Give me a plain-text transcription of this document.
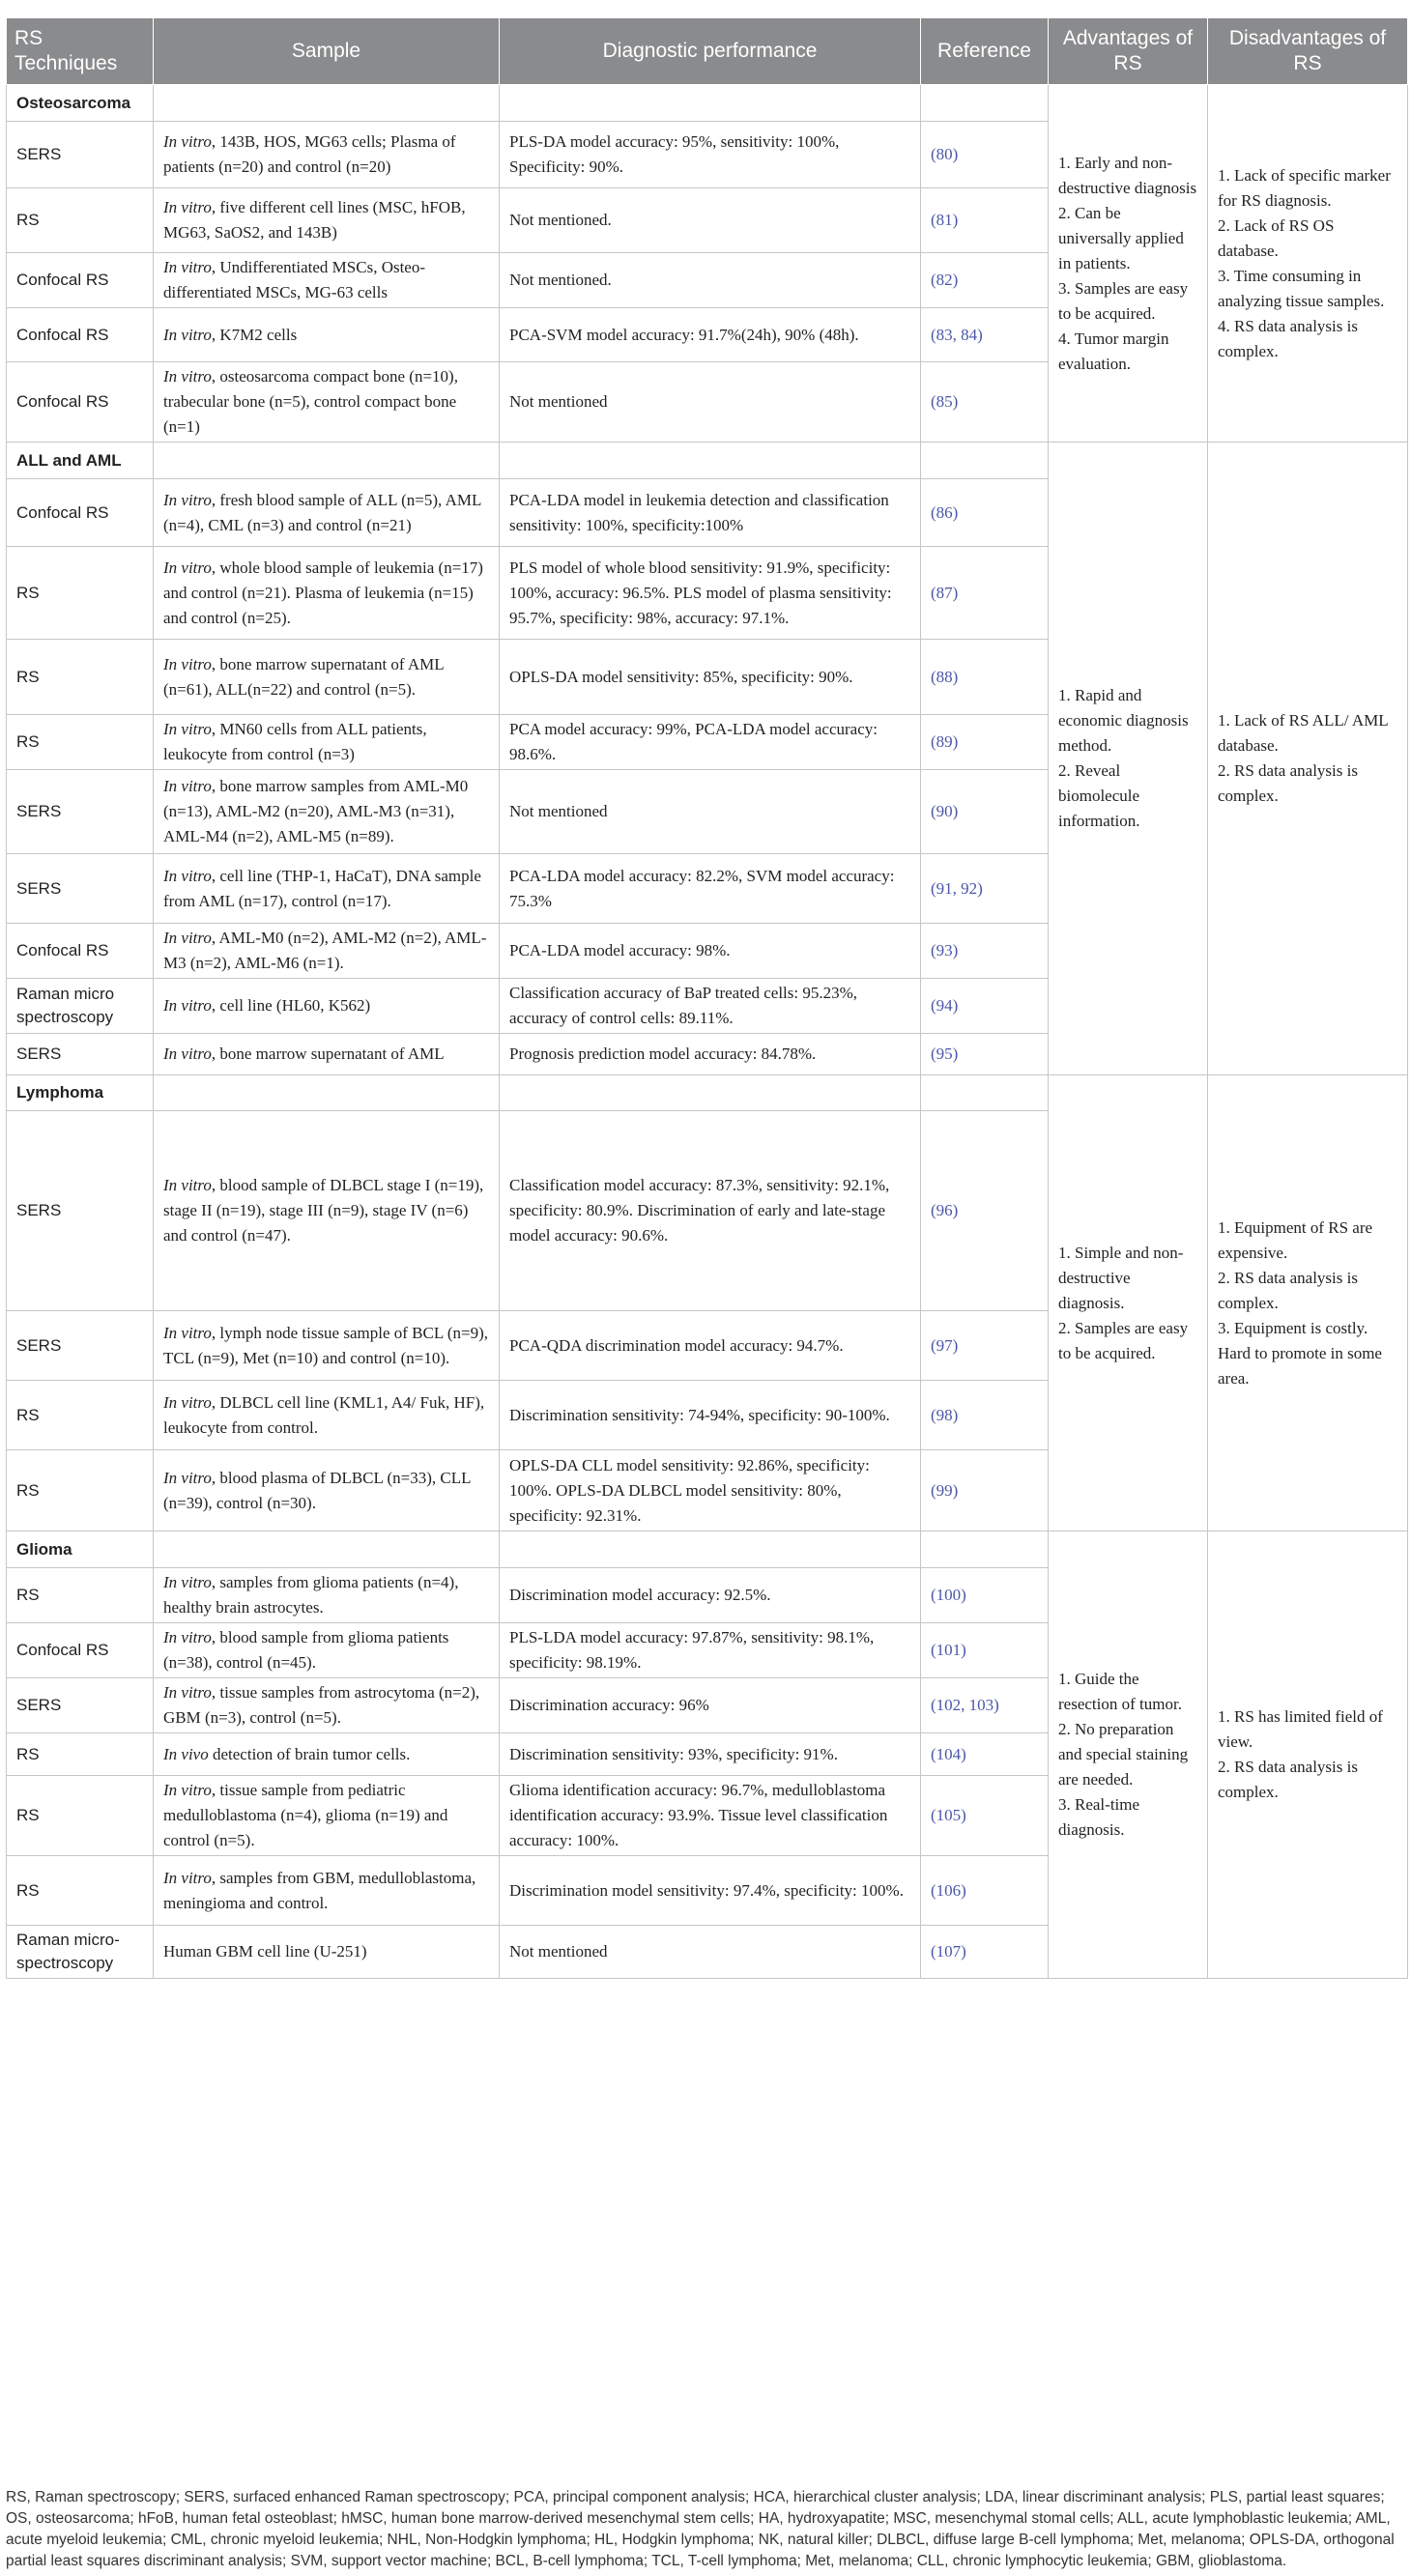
RS Techniques	Sample	Diagnostic performance	Reference	Advantages of RS	Disadvantages of RS
Osteosarcoma				1. Early and non-destructive diagnosis
2. Can be universally applied in patients.
3. Samples are easy to be acquired.
4. Tumor margin evaluation.	1. Lack of specific marker for RS diagnosis.
2. Lack of RS OS database.
3. Time consuming in analyzing tissue samples.
4. RS data analysis is complex.
SERS	In vitro, 143B, HOS, MG63 cells; Plasma of patients (n=20) and control (n=20)	PLS-DA model accuracy: 95%, sensitivity: 100%, Specificity: 90%.	(80)		
RS	In vitro, five different cell lines (MSC, hFOB, MG63, SaOS2, and 143B)	Not mentioned.	(81)		
Confocal RS	In vitro, Undifferentiated MSCs, Osteo-differentiated MSCs, MG-63 cells	Not mentioned.	(82)		
Confocal RS	In vitro, K7M2 cells	PCA-SVM model accuracy: 91.7%(24h), 90% (48h).	(83, 84)		
Confocal RS	In vitro, osteosarcoma compact bone (n=10), trabecular bone (n=5), control compact bone (n=1)	Not mentioned	(85)		
ALL and AML				1. Rapid and economic diagnosis method.
2. Reveal biomolecule information.	1. Lack of RS ALL/ AML database.
2. RS data analysis is complex.
Confocal RS	In vitro, fresh blood sample of ALL (n=5), AML (n=4), CML (n=3) and control (n=21)	PCA-LDA model in leukemia detection and classification sensitivity: 100%, specificity:100%	(86)		
RS	In vitro, whole blood sample of leukemia (n=17) and control (n=21). Plasma of leukemia (n=15) and control (n=25).	PLS model of whole blood sensitivity: 91.9%, specificity: 100%, accuracy: 96.5%. PLS model of plasma sensitivity: 95.7%, specificity: 98%, accuracy: 97.1%.	(87)		
RS	In vitro, bone marrow supernatant of AML (n=61), ALL(n=22) and control (n=5).	OPLS-DA model sensitivity: 85%, specificity: 90%.	(88)		
RS	In vitro, MN60 cells from ALL patients, leukocyte from control (n=3)	PCA model accuracy: 99%, PCA-LDA model accuracy: 98.6%.	(89)		
SERS	In vitro, bone marrow samples from AML-M0 (n=13), AML-M2 (n=20), AML-M3 (n=31), AML-M4 (n=2), AML-M5 (n=89).	Not mentioned	(90)		
SERS	In vitro, cell line (THP-1, HaCaT), DNA sample from AML (n=17), control (n=17).	PCA-LDA model accuracy: 82.2%, SVM model accuracy: 75.3%	(91, 92)		
Confocal RS	In vitro, AML-M0 (n=2), AML-M2 (n=2), AML-M3 (n=2), AML-M6 (n=1).	PCA-LDA model accuracy: 98%.	(93)		
Raman micro spectroscopy	In vitro, cell line (HL60, K562)	Classification accuracy of BaP treated cells: 95.23%, accuracy of control cells: 89.11%.	(94)		
SERS	In vitro, bone marrow supernatant of AML	Prognosis prediction model accuracy: 84.78%.	(95)		
Lymphoma				1. Simple and non-destructive diagnosis.
2. Samples are easy to be acquired.	1. Equipment of RS are expensive.
2. RS data analysis is complex.
3. Equipment is costly. Hard to promote in some area.
SERS	In vitro, blood sample of DLBCL stage I (n=19), stage II (n=19), stage III (n=9), stage IV (n=6) and control (n=47).	Classification model accuracy: 87.3%, sensitivity: 92.1%, specificity: 80.9%. Discrimination of early and late-stage model accuracy: 90.6%.	(96)		
SERS	In vitro, lymph node tissue sample of BCL (n=9), TCL (n=9), Met (n=10) and control (n=10).	PCA-QDA discrimination model accuracy: 94.7%.	(97)		
RS	In vitro, DLBCL cell line (KML1, A4/ Fuk, HF), leukocyte from control.	Discrimination sensitivity: 74-94%, specificity: 90-100%.	(98)		
RS	In vitro, blood plasma of DLBCL (n=33), CLL (n=39), control (n=30).	OPLS-DA CLL model sensitivity: 92.86%, specificity: 100%. OPLS-DA DLBCL model sensitivity: 80%, specificity: 92.31%.	(99)		
Glioma				1. Guide the resection of tumor.
2. No preparation and special staining are needed.
3. Real-time diagnosis.	1. RS has limited field of view.
2. RS data analysis is complex.
RS	In vitro, samples from glioma patients (n=4), healthy brain astrocytes.	Discrimination model accuracy: 92.5%.	(100)		
Confocal RS	In vitro, blood sample from glioma patients (n=38), control (n=45).	PLS-LDA model accuracy: 97.87%, sensitivity: 98.1%, specificity: 98.19%.	(101)		
SERS	In vitro, tissue samples from astrocytoma (n=2), GBM (n=3), control (n=5).	Discrimination accuracy: 96%	(102, 103)		
RS	In vivo detection of brain tumor cells.	Discrimination sensitivity: 93%, specificity: 91%.	(104)		
RS	In vitro, tissue sample from pediatric medulloblastoma (n=4), glioma (n=19) and control (n=5).	Glioma identification accuracy: 96.7%, medulloblastoma identification accuracy: 93.9%. Tissue level classification accuracy: 100%.	(105)		
RS	In vitro, samples from GBM, medulloblastoma, meningioma and control.	Discrimination model sensitivity: 97.4%, specificity: 100%.	(106)		
Raman micro-spectroscopy	Human GBM cell line (U-251)	Not mentioned	(107)		
RS, Raman spectroscopy; SERS, surfaced enhanced Raman spectroscopy; PCA, principal component analysis; HCA, hierarchical cluster analysis; LDA, linear discriminant analysis; PLS, partial least squares; OS, osteosarcoma; hFoB, human fetal osteoblast; hMSC, human bone marrow-derived mesenchymal stem cells; HA, hydroxyapatite; MSC, mesenchymal stomal cells; ALL, acute lymphoblastic leukemia; AML, acute myeloid leukemia; CML, chronic myeloid leukemia; NHL, Non-Hodgkin lymphoma; HL, Hodgkin lymphoma; NK, natural killer; DLBCL, diffuse large B-cell lymphoma; Met, melanoma; OPLS-DA, orthogonal partial least squares discriminant analysis; SVM, support vector machine; BCL, B-cell lymphoma; TCL, T-cell lymphoma; Met, melanoma; CLL, chronic lymphocytic leukemia; GBM, glioblastoma.
